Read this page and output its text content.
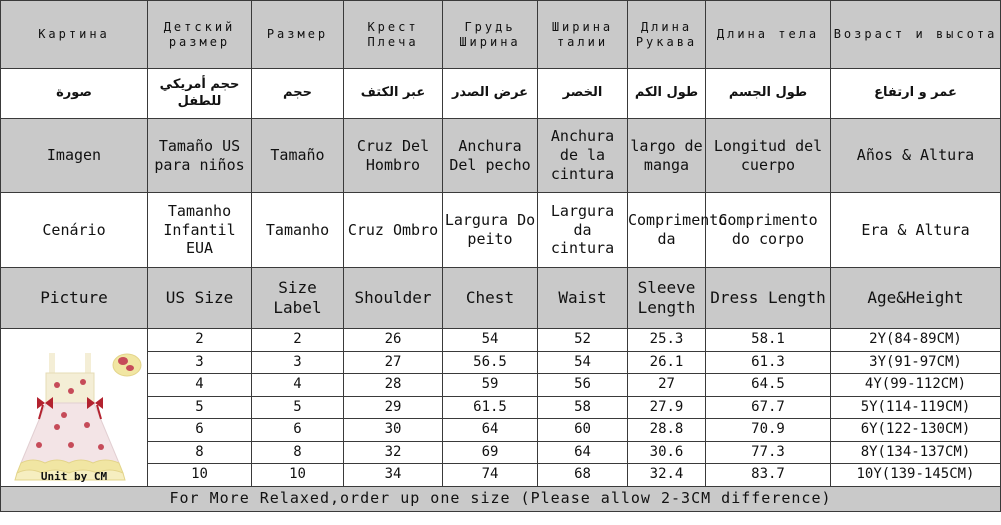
Картина	Детский размер	Размер	Крест Плеча	Грудь Ширина	Ширина талии	Длина Рукава	Длина тела	Возраст и высота
صورة	حجم أمريكي للطفل	حجم	عبر الكتف	عرض الصدر	الخصر	طول الكم	طول الجسم	عمر و ارتفاع
Imagen	Tamaño US para niños	Tamaño	Cruz Del Hombro	Anchura Del pecho	Anchura de la cintura	largo de manga	Longitud del cuerpo	Años & Altura
Cenário	Tamanho Infantil EUA	Tamanho	Cruz Ombro	Largura Do peito	Largura da cintura	Comprimento da	Comprimento do corpo	Era & Altura
Picture	US Size	Size Label	Shoulder	Chest	Waist	Sleeve Length	Dress Length	Age&Height

Unit by CM	2	2	26	54	52	25.3	58.1	2Y(84-89CM)
	3	3	27	56.5	54	26.1	61.3	3Y(91-97CM)
	4	4	28	59	56	27	64.5	4Y(99-112CM)
	5	5	29	61.5	58	27.9	67.7	5Y(114-119CM)
	6	6	30	64	60	28.8	70.9	6Y(122-130CM)
	8	8	32	69	64	30.6	77.3	8Y(134-137CM)
	10	10	34	74	68	32.4	83.7	10Y(139-145CM)
For More Relaxed,order up one size (Please allow 2-3CM difference)								
